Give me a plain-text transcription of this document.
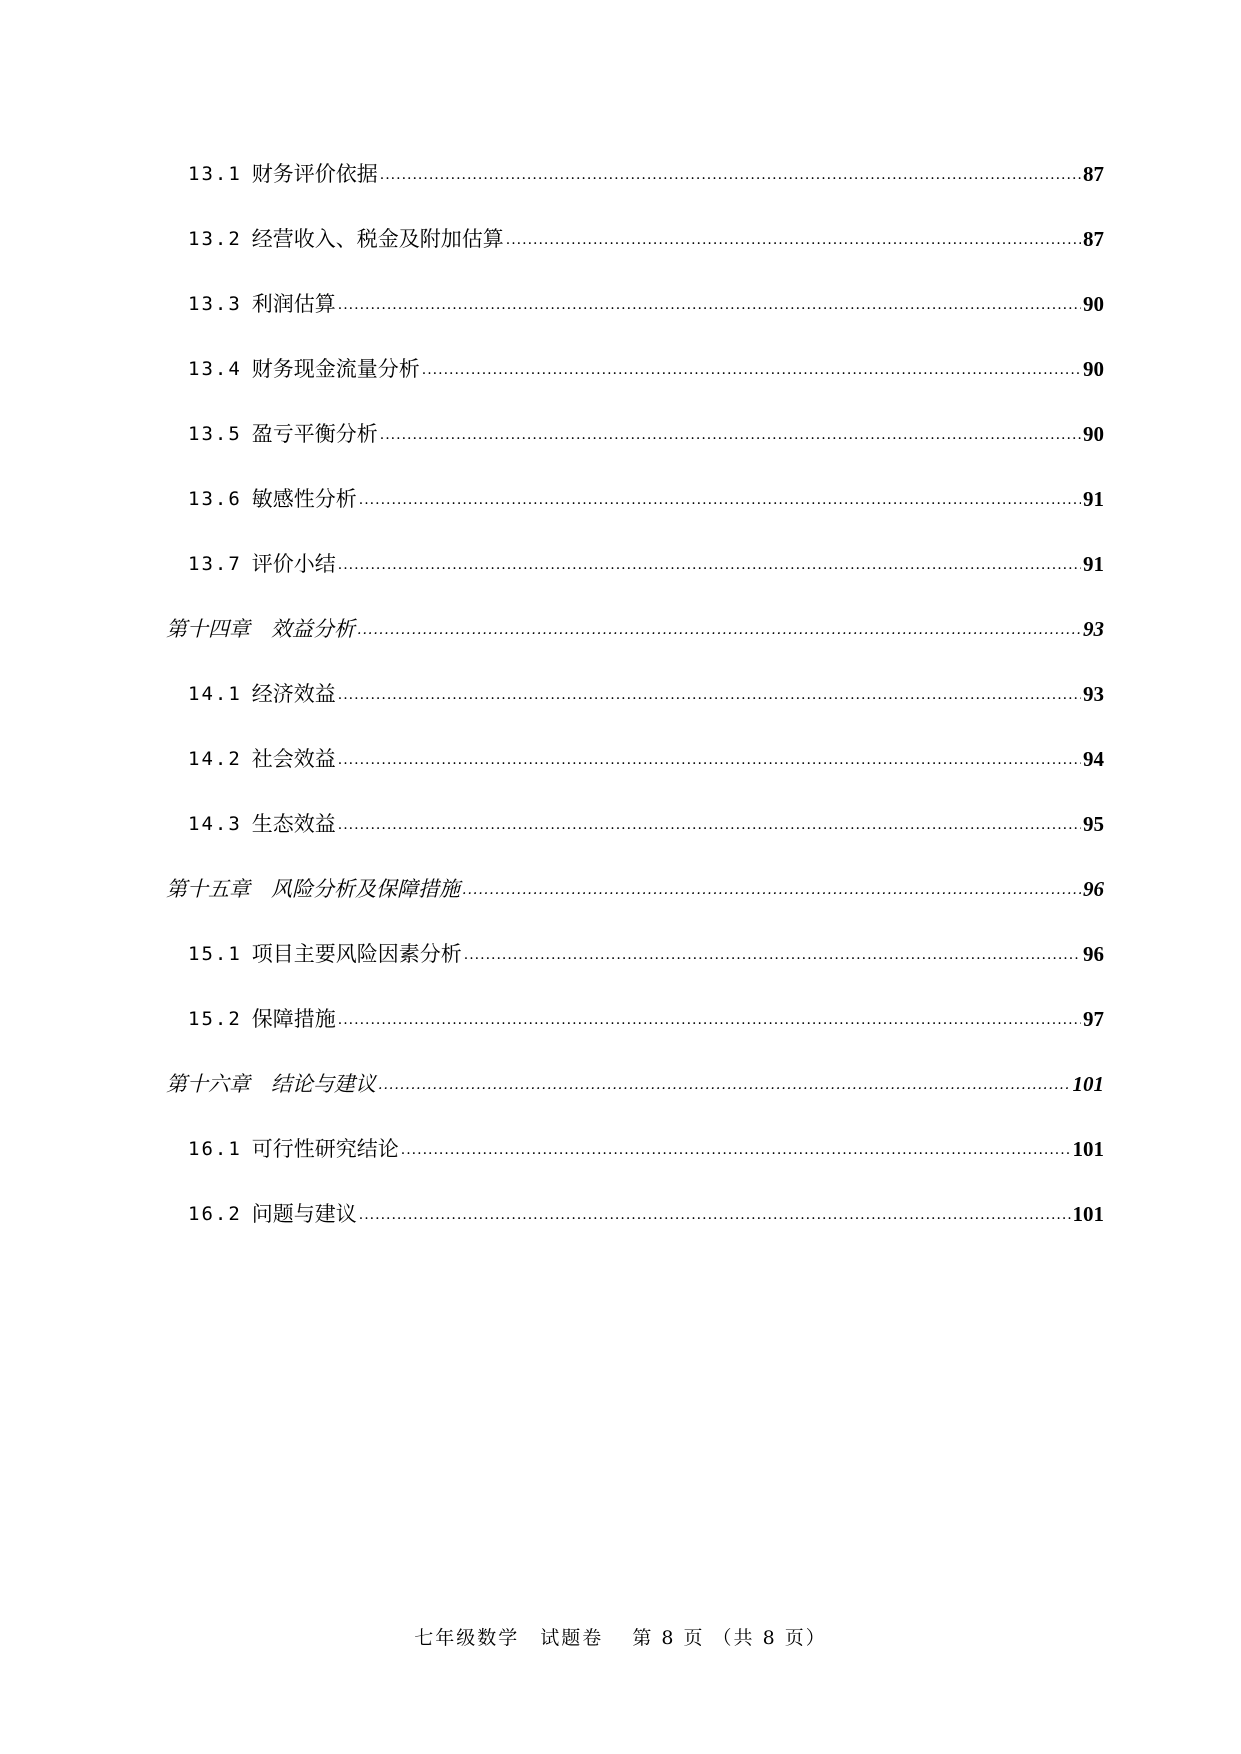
13.1 财务评价依据 .....	87
13.2 经营收入、税金及附加估算 .....	87
13.3 利润估算 .....	90
13.4 财务现金流量分析 .....	90
13.5 盈亏平衡分析 .....	90
13.6 敏感性分析 .....	91
13.7 评价小结 .....	91
第十四章　效益分析 .....	93
14.1 经济效益 .....	93
14.2 社会效益 .....	94
14.3 生态效益 .....	95
第十五章　风险分析及保障措施 .....	96
15.1 项目主要风险因素分析 .....	96
15.2 保障措施 .....	97
第十六章　结论与建议 .....	101
16.1 可行性研究结论 .....	101
16.2 问题与建议 .....	101
七年级数学　试题卷　 第 8 页 （共 8 页）
